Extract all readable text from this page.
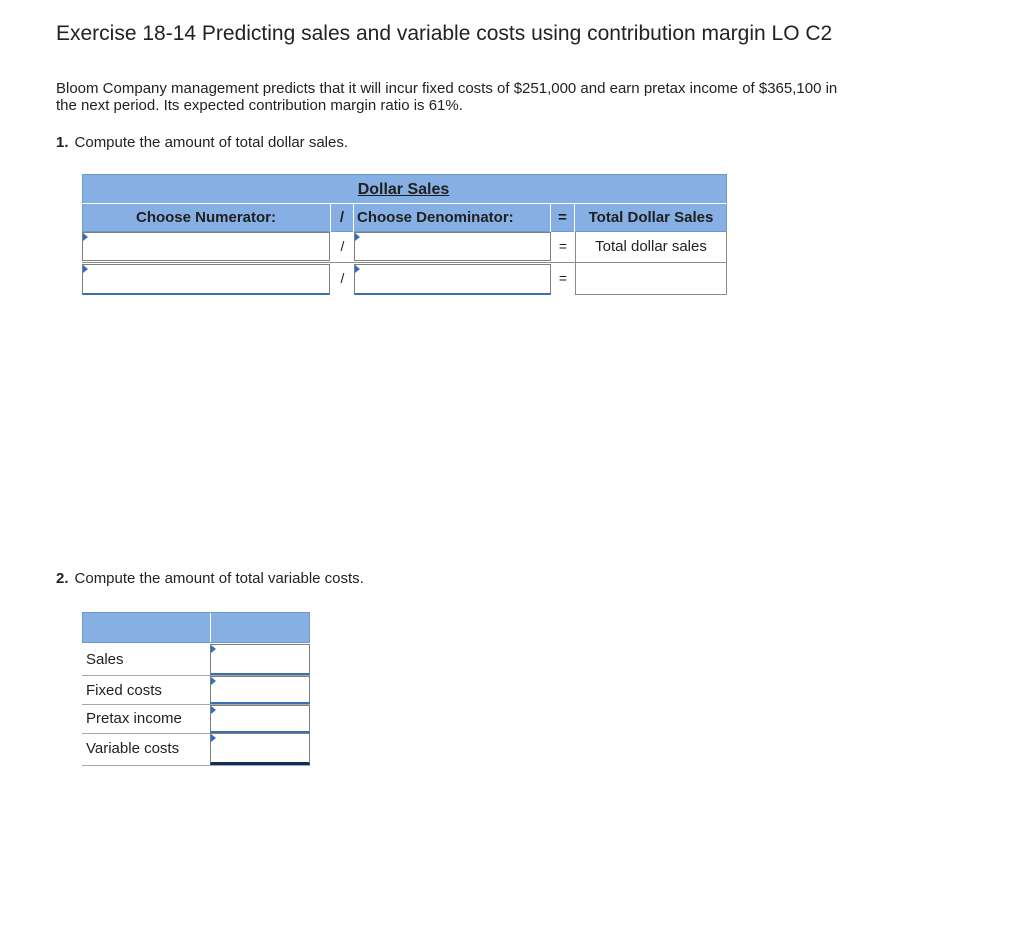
Exercise 18-14 Predicting sales and variable costs using contribution margin LO C2
Bloom Company management predicts that it will incur fixed costs of $251,000 and earn pretax income of $365,100 in the next period. Its expected contribution margin ratio is 61%.
1. Compute the amount of total dollar sales.
Dollar Sales
Choose Numerator:	/ Choose Denominator:	=	Total Dollar Sales
/	=	Total dollar sales
/	=
2. Compute the amount of total variable costs.
Sales
Fixed costs
Pretax income
Variable costs
